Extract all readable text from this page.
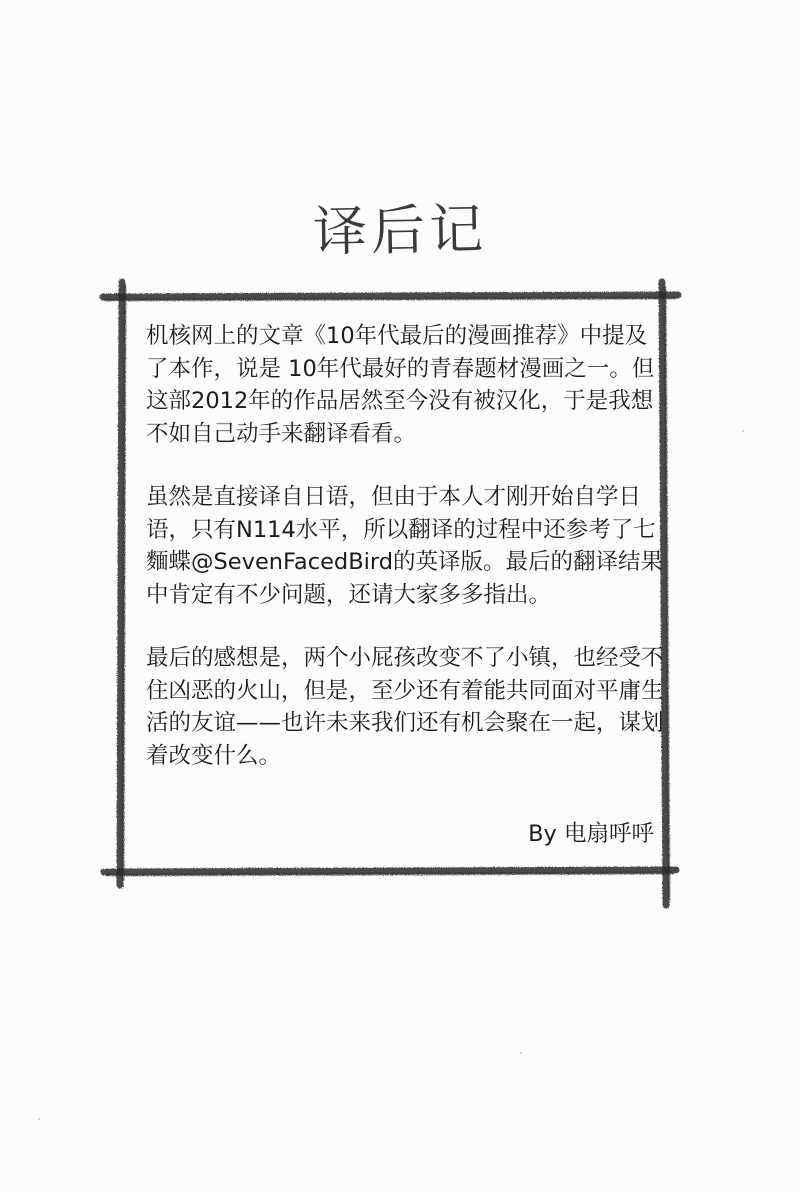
译后记

机核网上的文章《10年代最后的漫画推荐》中提及了本作，说是 10年代最好的青春题材漫画之一。但这部2012年的作品居然至今没有被汉化，于是我想不如自己动手来翻译看看。

虽然是直接译自日语，但由于本人才刚开始自学日语，只有N114水平，所以翻译的过程中还参考了七麵蝶@SevenFacedBird的英译版。最后的翻译结果中肯定有不少问题，还请大家多多指出。

最后的感想是，两个小屁孩改变不了小镇，也经受不住凶恶的火山，但是，至少还有着能共同面对平庸生活的友谊——也许未来我们还有机会聚在一起，谋划着改变什么。

By 电扇呼呼
